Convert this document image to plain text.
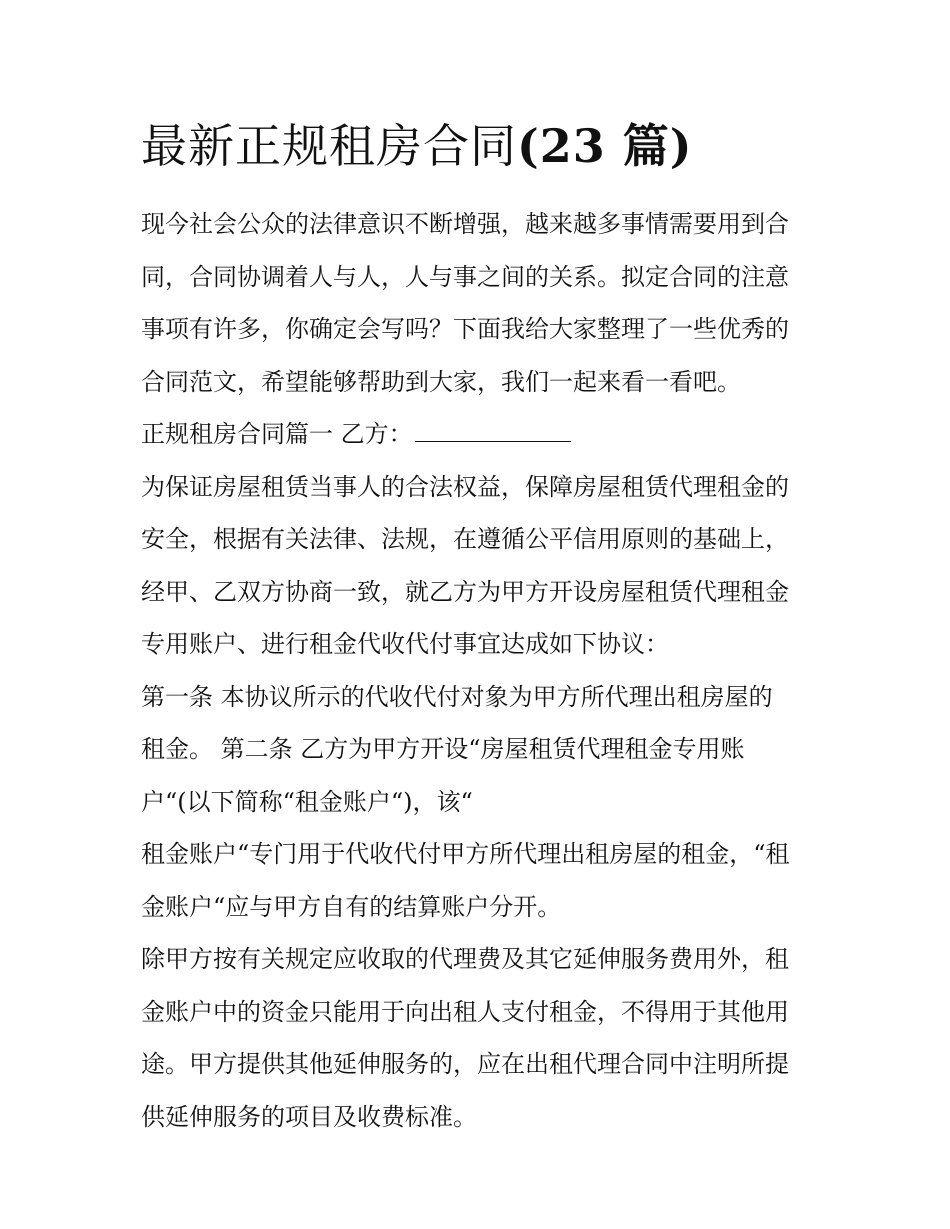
最新正规租房合同(23 篇)

现今社会公众的法律意识不断增强，越来越多事情需要用到合

同，合同协调着人与人，人与事之间的关系。拟定合同的注意

事项有许多，你确定会写吗？下面我给大家整理了一些优秀的

合同范文，希望能够帮助到大家，我们一起来看一看吧。

正规租房合同篇一 乙方：

为保证房屋租赁当事人的合法权益，保障房屋租赁代理租金的

安全，根据有关法律、法规，在遵循公平信用原则的基础上，

经甲、乙双方协商一致，就乙方为甲方开设房屋租赁代理租金

专用账户、进行租金代收代付事宜达成如下协议：

第一条 本协议所示的代收代付对象为甲方所代理出租房屋的

租金。 第二条 乙方为甲方开设“房屋租赁代理租金专用账

户“(以下简称“租金账户“)，该“

租金账户“专门用于代收代付甲方所代理出租房屋的租金，“租

金账户“应与甲方自有的结算账户分开。

除甲方按有关规定应收取的代理费及其它延伸服务费用外，租

金账户中的资金只能用于向出租人支付租金，不得用于其他用

途。甲方提供其他延伸服务的，应在出租代理合同中注明所提

供延伸服务的项目及收费标准。
